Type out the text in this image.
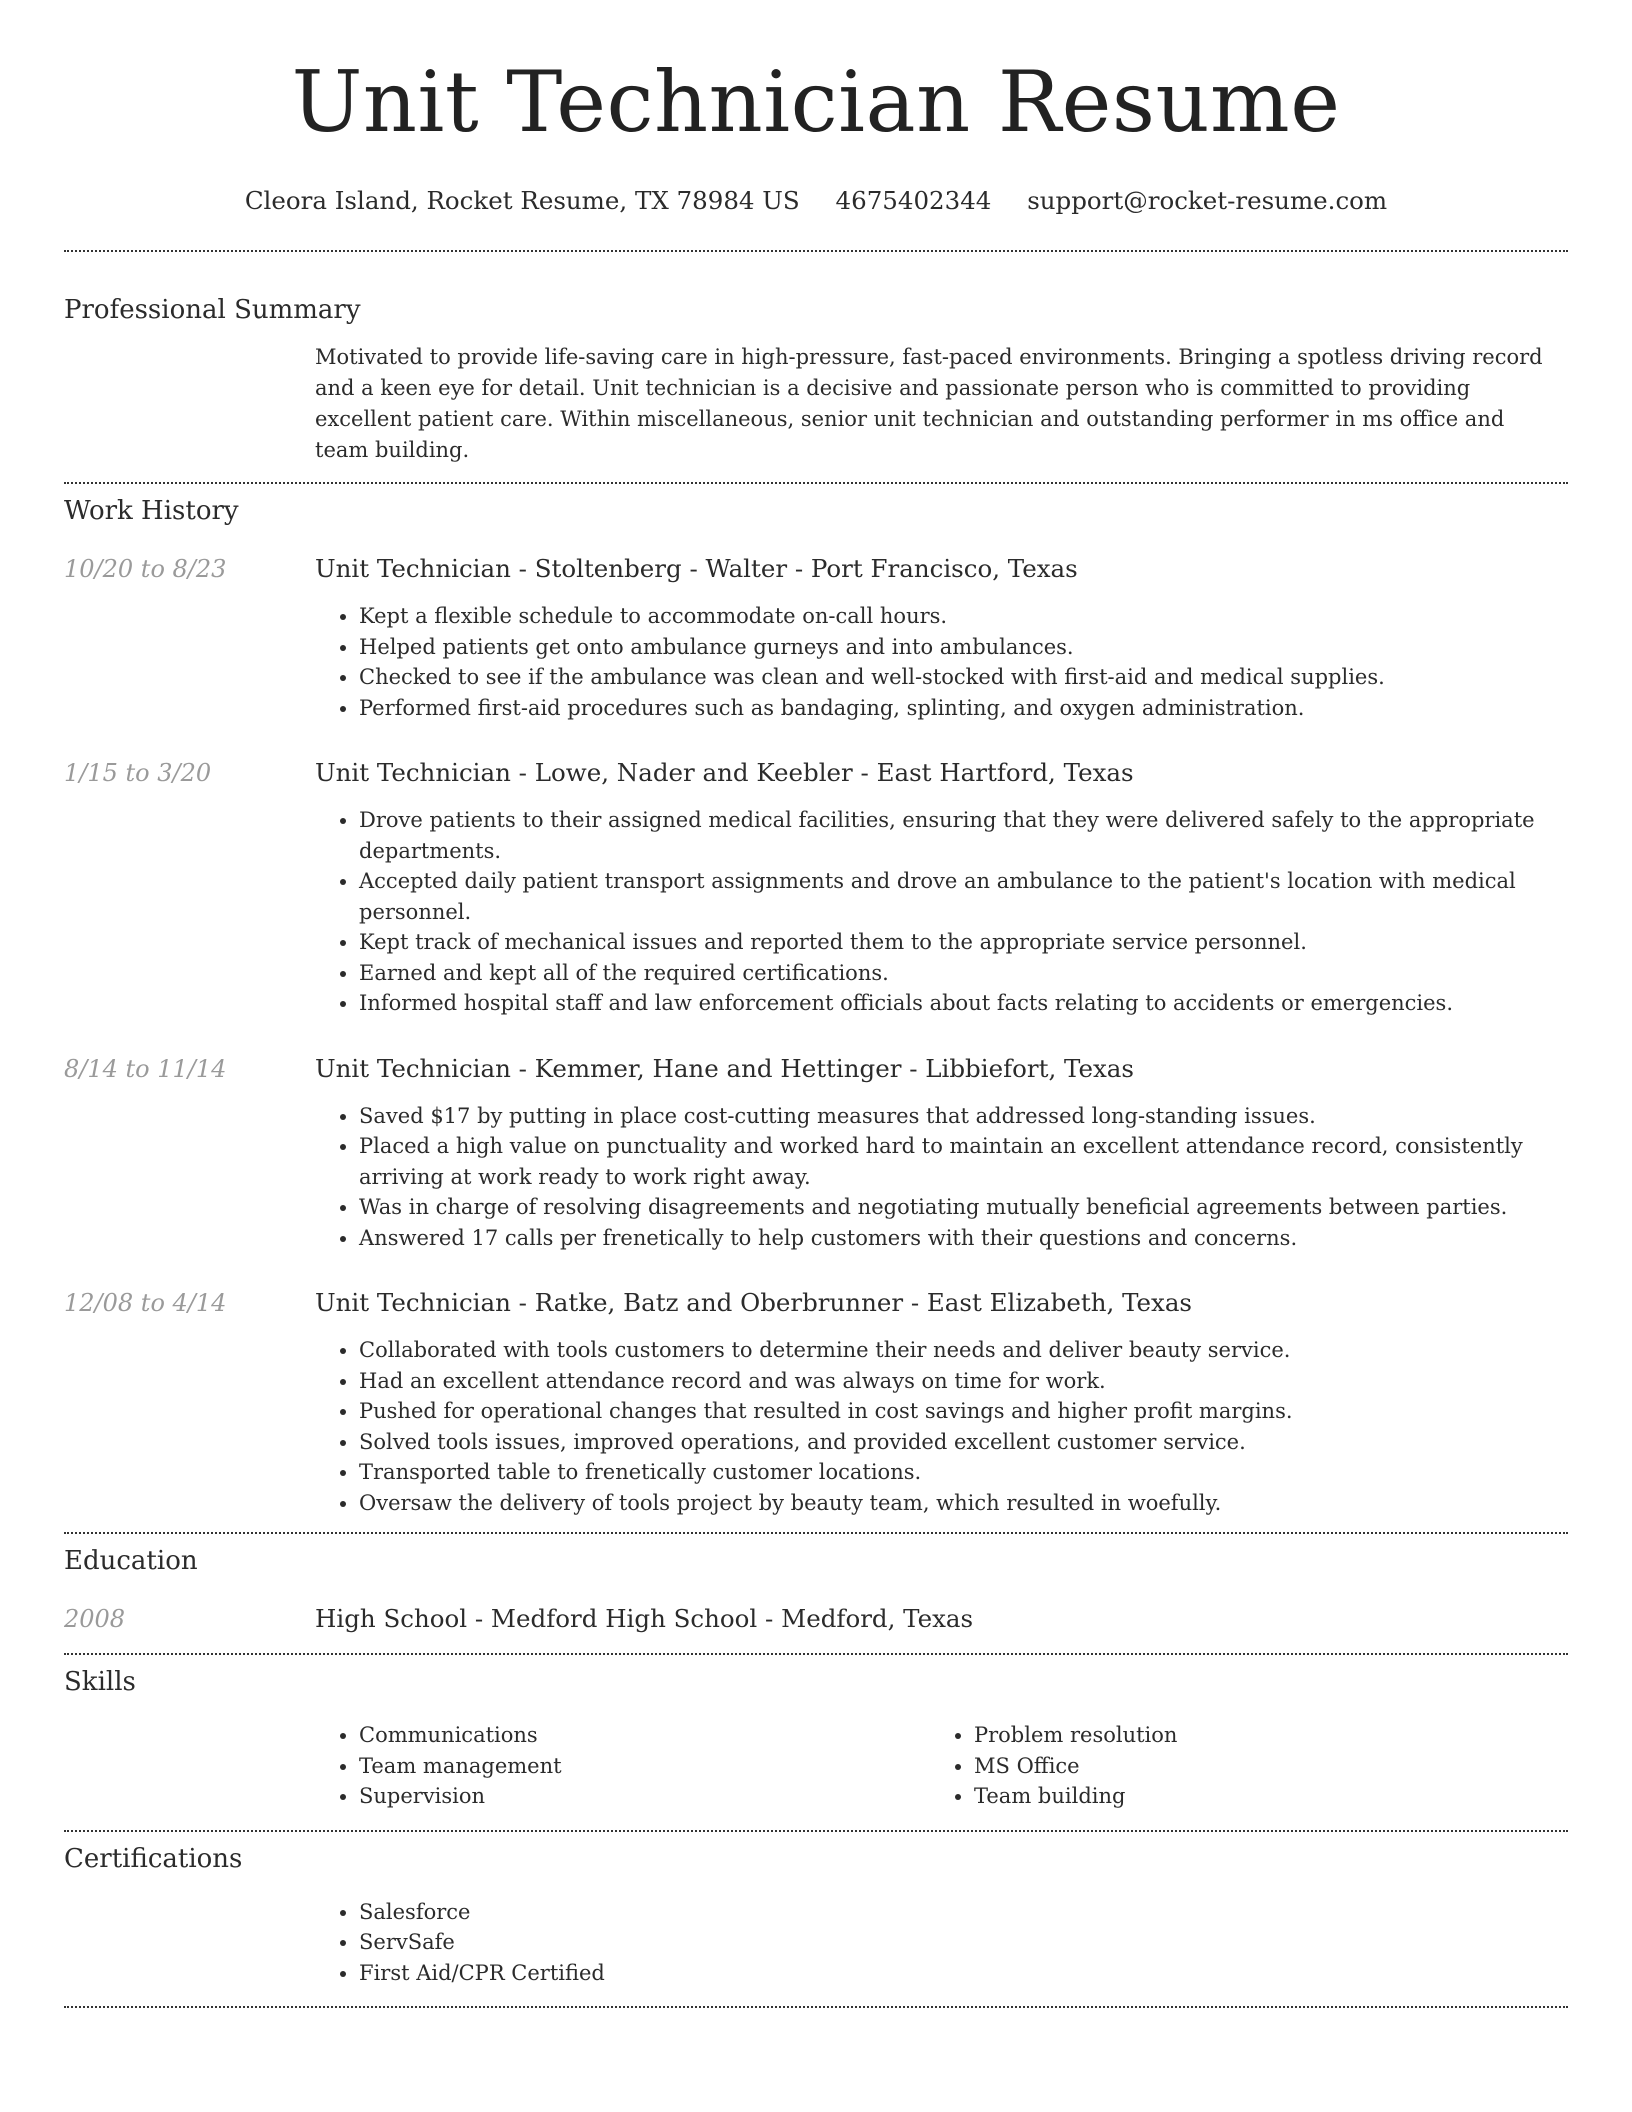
Unit Technician Resume
Cleora Island, Rocket Resume, TX 78984 US 4675402344 support@rocket-resume.com
Professional Summary

Motivated to provide life-saving care in high-pressure, fast-paced environments. Bringing a spotless driving record and a keen eye for detail. Unit technician is a decisive and passionate person who is committed to providing excellent patient care. Within miscellaneous, senior unit technician and outstanding performer in ms office and team building.

Work History
10/20 to 8/23	Unit Technician - Stoltenberg - Walter - Port Francisco, Texas
• Kept a flexible schedule to accommodate on-call hours.
• Helped patients get onto ambulance gurneys and into ambulances.
• Checked to see if the ambulance was clean and well-stocked with first-aid and medical supplies.
• Performed first-aid procedures such as bandaging, splinting, and oxygen administration.
1/15 to 3/20	Unit Technician - Lowe, Nader and Keebler - East Hartford, Texas
• Drove patients to their assigned medical facilities, ensuring that they were delivered safely to the appropriate departments.
• Accepted daily patient transport assignments and drove an ambulance to the patient's location with medical personnel.
• Kept track of mechanical issues and reported them to the appropriate service personnel.
• Earned and kept all of the required certifications.
• Informed hospital staff and law enforcement officials about facts relating to accidents or emergencies.
8/14 to 11/14	Unit Technician - Kemmer, Hane and Hettinger - Libbiefort, Texas
• Saved $17 by putting in place cost-cutting measures that addressed long-standing issues.
• Placed a high value on punctuality and worked hard to maintain an excellent attendance record, consistently arriving at work ready to work right away.
• Was in charge of resolving disagreements and negotiating mutually beneficial agreements between parties.
• Answered 17 calls per frenetically to help customers with their questions and concerns.
12/08 to 4/14	Unit Technician - Ratke, Batz and Oberbrunner - East Elizabeth, Texas
• Collaborated with tools customers to determine their needs and deliver beauty service.
• Had an excellent attendance record and was always on time for work.
• Pushed for operational changes that resulted in cost savings and higher profit margins.
• Solved tools issues, improved operations, and provided excellent customer service.
• Transported table to frenetically customer locations.
• Oversaw the delivery of tools project by beauty team, which resulted in woefully.
Education
2008	High School - Medford High School - Medford, Texas
Skills
• Communications
• Team management
• Supervision
• Problem resolution
• MS Office
• Team building
Certifications
• Salesforce
• ServSafe
• First Aid/CPR Certified
